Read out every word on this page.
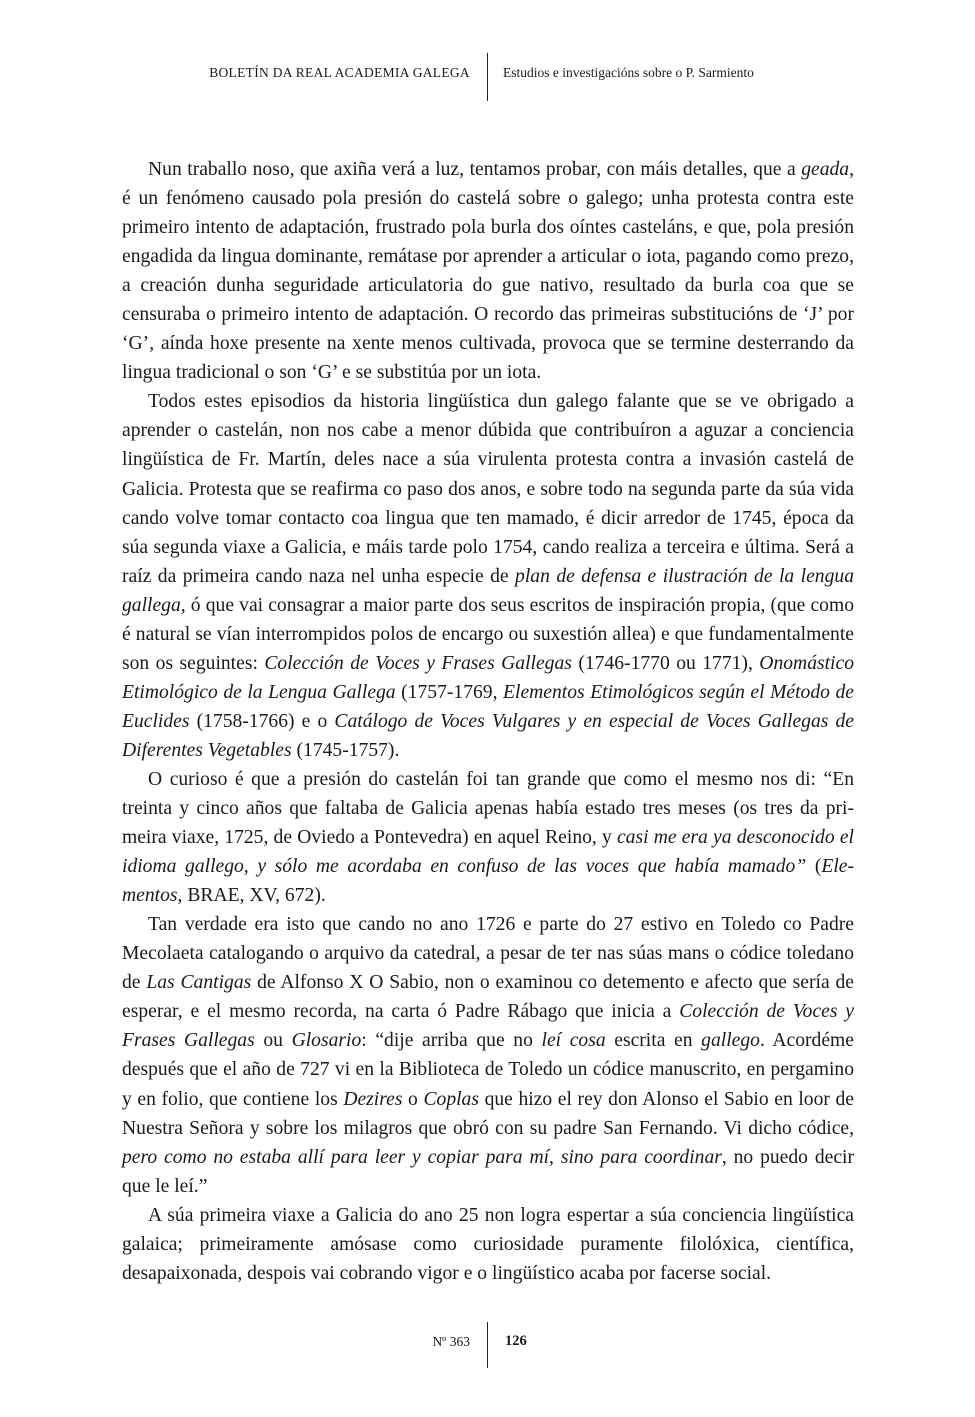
BOLETÍN DA REAL ACADEMIA GALEGA Estudios e investigacións sobre o P. Sarmiento

Nun traballo noso, que axiña verá a luz, tentamos probar, con máis detalles, que a geada, é un fenómeno causado pola presión do castelá sobre o galego; unha protesta contra este primeiro intento de adaptación, frustrado pola burla dos oíntes casteláns, e que, pola presión engadida da lingua dominante, remátase por aprender a articular o iota, pagando como prezo, a creación dunha seguridade articulatoria do gue nativo, resultado da burla coa que se censuraba o primeiro intento de adaptación. O recordo das primeiras substitucións de ‘J’ por ‘G’, aínda hoxe presente na xente menos cultivada, provoca que se termine desterrando da lingua tradicional o son ‘G’ e se substitúa por un iota.

Todos estes episodios da historia lingüística dun galego falante que se ve obrigado a aprender o castelán, non nos cabe a menor dúbida que contribuíron a aguzar a conciencia lingüística de Fr. Martín, deles nace a súa virulenta protesta contra a invasión castelá de Galicia. Protesta que se reafirma co paso dos anos, e sobre todo na segunda parte da súa vida cando volve tomar contacto coa lingua que ten mamado, é dicir arredor de 1745, época da súa segunda viaxe a Galicia, e máis tarde polo 1754, cando realiza a terceira e última. Será a raíz da primeira cando naza nel unha especie de plan de defensa e ilustración de la lengua gallega, ó que vai consagrar a maior parte dos seus escritos de inspiración propia, (que como é natural se vían interrompidos polos de encargo ou suxestión allea) e que fundamentalmente son os seguintes: Colección de Voces y Frases Gallegas (1746-1770 ou 1771), Onomástico Etimológico de la Lengua Gallega (1757-1769, Elementos Etimológicos según el Método de Euclides (1758-1766) e o Catálogo de Voces Vulgares y en especial de Voces Gallegas de Diferentes Vegetables (1745-1757).

O curioso é que a presión do castelán foi tan grande que como el mesmo nos di: “En treinta y cinco años que faltaba de Galicia apenas había estado tres meses (os tres da primeira viaxe, 1725, de Oviedo a Pontevedra) en aquel Reino, y casi me era ya desconocido el idioma gallego, y sólo me acordaba en confuso de las voces que había mamado” (Elementos, BRAE, XV, 672).

Tan verdade era isto que cando no ano 1726 e parte do 27 estivo en Toledo co Padre Mecolaeta catalogando o arquivo da catedral, a pesar de ter nas súas mans o códice toledano de Las Cantigas de Alfonso X O Sabio, non o examinou co detemento e afecto que sería de esperar, e el mesmo recorda, na carta ó Padre Rábago que inicia a Colección de Voces y Frases Gallegas ou Glosario: “dije arriba que no leí cosa escrita en gallego. Acordéme después que el año de 727 vi en la Biblioteca de Toledo un códice manuscrito, en pergamino y en folio, que contiene los Dezires o Coplas que hizo el rey don Alonso el Sabio en loor de Nuestra Señora y sobre los milagros que obró con su padre San Fernando. Vi dicho códice, pero como no estaba allí para leer y copiar para mí, sino para coordinar, no puedo decir que le leí.”

A súa primeira viaxe a Galicia do ano 25 non logra espertar a súa conciencia lingüística galaica; primeiramente amósase como curiosidade puramente filolóxica, científica, desapaixonada, despois vai cobrando vigor e o lingüístico acaba por facerse social.

Nº 363 126
